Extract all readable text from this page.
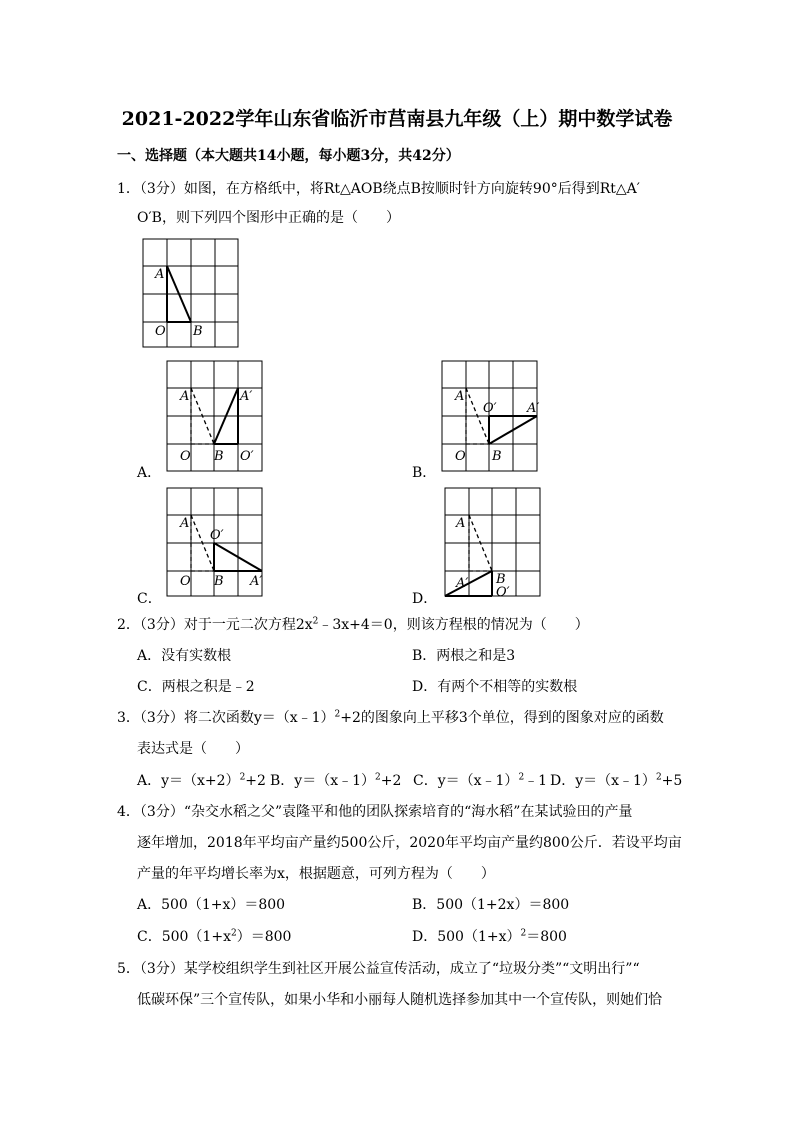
2021-2022学年山东省临沂市莒南县九年级（上）期中数学试卷
一、选择题（本大题共14小题，每小题3分，共42分）
1．（3分）如图，在方格纸中，将Rt△AOB绕点B按顺时针方向旋转90°后得到Rt△A′
O′B，则下列四个图形中正确的是（　　）
A
O B
A．
A	A′
O B O′
B．
A
O′ A′
O B
C．
A
O′
O B A′
D．
A
A′ B
O′
2．（3分）对于一元二次方程$2x^2﹣3x+4=0$，则该方程根的情况为（　　）
A．没有实数根	B．两根之和是3
C．两根之积是﹣2	D．有两个不相等的实数根
3．（3分）将二次函数y＝（x﹣1）$^2$+2的图象向上平移3个单位，得到的图象对应的函数
表达式是（　　）
A．$y=(x+2)^2+2$ B．y＝（x﹣1）$^2$+2 C．y＝（x﹣1）$^2$﹣1 D．y＝（x﹣1）$^2$+5
4．（3分）“杂交水稻之父”袁隆平和他的团队探索培育的“海水稻”在某试验田的产量
逐年增加，2018年平均亩产量约500公斤，2020年平均亩产量约800公斤．若设平均亩
产量的年平均增长率为x，根据题意，可列方程为（　　）
A．500（1+x）＝800	B．500（1+2x）＝800
C．$500(1+x^2)=800$	D．$500(1+x)^2=800$
5．（3分）某学校组织学生到社区开展公益宣传活动，成立了“垃圾分类”“文明出行”“
低碳环保”三个宣传队，如果小华和小丽每人随机选择参加其中一个宣传队，则她们恰
